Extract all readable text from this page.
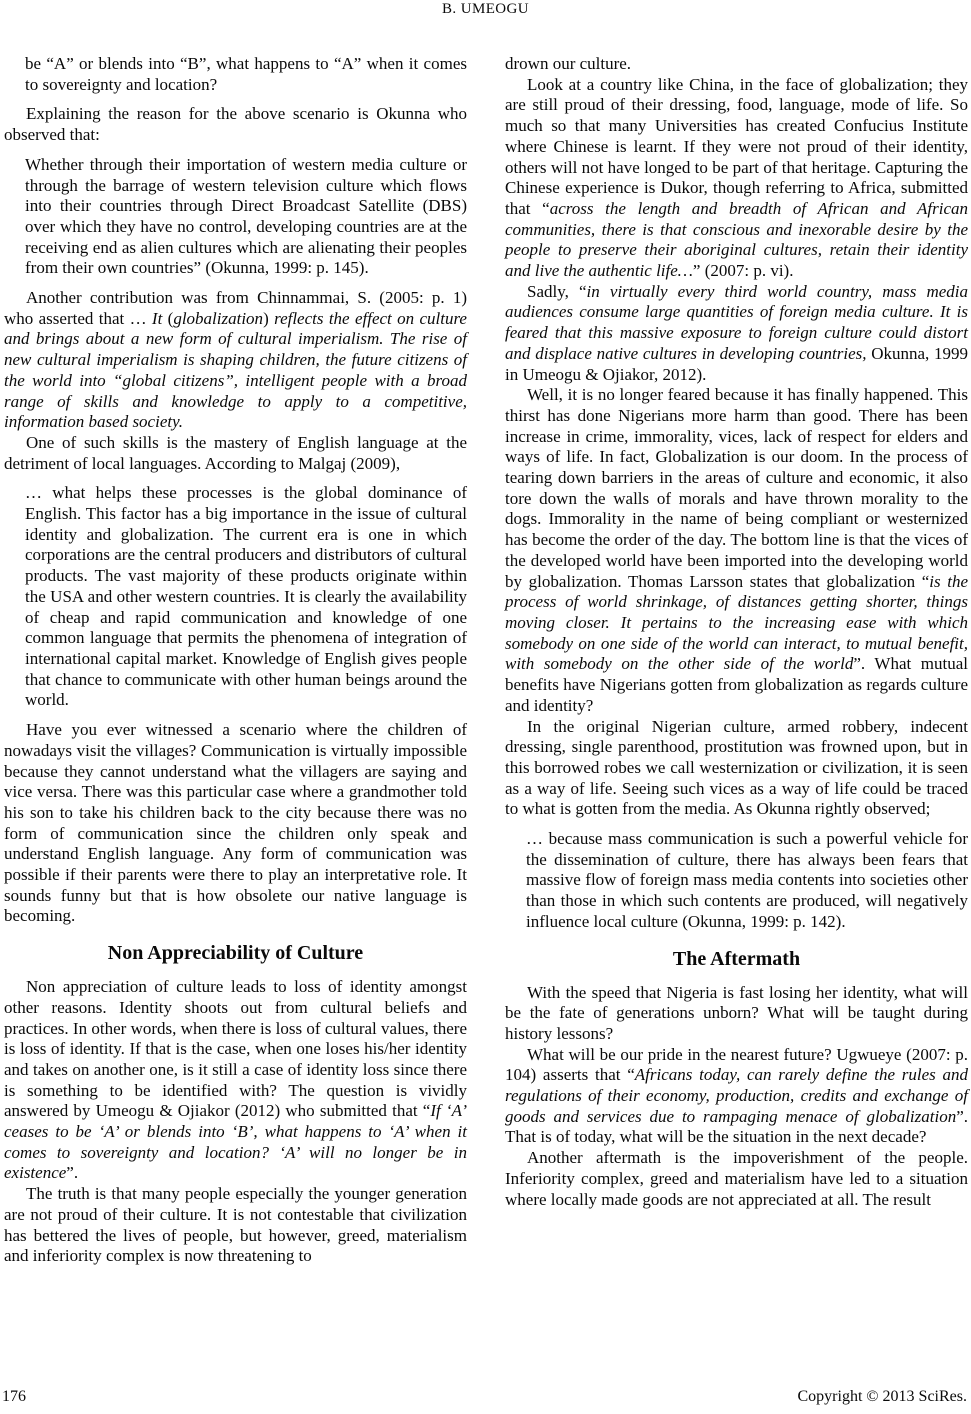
B. UMEOGU
be “A” or blends into “B”, what happens to “A” when it comes to sovereignty and location?

Explaining the reason for the above scenario is Okunna who observed that:

Whether through their importation of western media culture or through the barrage of western television culture which flows into their countries through Direct Broadcast Satellite (DBS) over which they have no control, developing countries are at the receiving end as alien cultures which are alienating their peoples from their own countries” (Okunna, 1999: p. 145).

Another contribution was from Chinnammai, S. (2005: p. 1) who asserted that … It (globalization) reflects the effect on culture and brings about a new form of cultural imperialism. The rise of new cultural imperialism is shaping children, the future citizens of the world into “global citizens”, intelligent people with a broad range of skills and knowledge to apply to a competitive, information based society.

One of such skills is the mastery of English language at the detriment of local languages. According to Malgaj (2009),

… what helps these processes is the global dominance of English. This factor has a big importance in the issue of cultural identity and globalization. The current era is one in which corporations are the central producers and distributors of cultural products. The vast majority of these products originate within the USA and other western countries. It is clearly the availability of cheap and rapid communication and knowledge of one common language that permits the phenomena of integration of international capital market. Knowledge of English gives people that chance to communicate with other human beings around the world.

Have you ever witnessed a scenario where the children of nowadays visit the villages? Communication is virtually impossible because they cannot understand what the villagers are saying and vice versa. There was this particular case where a grandmother told his son to take his children back to the city because there was no form of communication since the children only speak and understand English language. Any form of communication was possible if their parents were there to play an interpretative role. It sounds funny but that is how obsolete our native language is becoming.

Non Appreciability of Culture

Non appreciation of culture leads to loss of identity amongst other reasons. Identity shoots out from cultural beliefs and practices. In other words, when there is loss of cultural values, there is loss of identity. If that is the case, when one loses his/her identity and takes on another one, is it still a case of identity loss since there is something to be identified with? The question is vividly answered by Umeogu & Ojiakor (2012) who submitted that “If ‘A’ ceases to be ‘A’ or blends into ‘B’, what happens to ‘A’ when it comes to sovereignty and location? ‘A’ will no longer be in existence”.

The truth is that many people especially the younger generation are not proud of their culture. It is not contestable that civilization has bettered the lives of people, but however, greed, materialism and inferiority complex is now threatening to

drown our culture.

Look at a country like China, in the face of globalization; they are still proud of their dressing, food, language, mode of life. So much so that many Universities has created Confucius Institute where Chinese is learnt. If they were not proud of their identity, others will not have longed to be part of that heritage. Capturing the Chinese experience is Dukor, though referring to Africa, submitted that “across the length and breadth of African and African communities, there is that conscious and inexorable desire by the people to preserve their aboriginal cultures, retain their identity and live the authentic life…” (2007: p. vi).

Sadly, “in virtually every third world country, mass media audiences consume large quantities of foreign media culture. It is feared that this massive exposure to foreign culture could distort and displace native cultures in developing countries, Okunna, 1999 in Umeogu & Ojiakor, 2012).

Well, it is no longer feared because it has finally happened. This thirst has done Nigerians more harm than good. There has been increase in crime, immorality, vices, lack of respect for elders and ways of life. In fact, Globalization is our doom. In the process of tearing down barriers in the areas of culture and economic, it also tore down the walls of morals and have thrown morality to the dogs. Immorality in the name of being compliant or westernized has become the order of the day. The bottom line is that the vices of the developed world have been imported into the developing world by globalization. Thomas Larsson states that globalization “is the process of world shrinkage, of distances getting shorter, things moving closer. It pertains to the increasing ease with which somebody on one side of the world can interact, to mutual benefit, with somebody on the other side of the world”. What mutual benefits have Nigerians gotten from globalization as regards culture and identity?

In the original Nigerian culture, armed robbery, indecent dressing, single parenthood, prostitution was frowned upon, but in this borrowed robes we call westernization or civilization, it is seen as a way of life. Seeing such vices as a way of life could be traced to what is gotten from the media. As Okunna rightly observed;

… because mass communication is such a powerful vehicle for the dissemination of culture, there has always been fears that massive flow of foreign mass media contents into societies other than those in which such contents are produced, will negatively influence local culture (Okunna, 1999: p. 142).
The Aftermath

With the speed that Nigeria is fast losing her identity, what will be the fate of generations unborn? What will be taught during history lessons?

What will be our pride in the nearest future? Ugwueye (2007: p. 104) asserts that “Africans today, can rarely define the rules and regulations of their economy, production, credits and exchange of goods and services due to rampaging menace of globalization”. That is of today, what will be the situation in the next decade?

Another aftermath is the impoverishment of the people. Inferiority complex, greed and materialism have led to a situation where locally made goods are not appreciated at all. The result

176	Copyright © 2013 SciRes.
